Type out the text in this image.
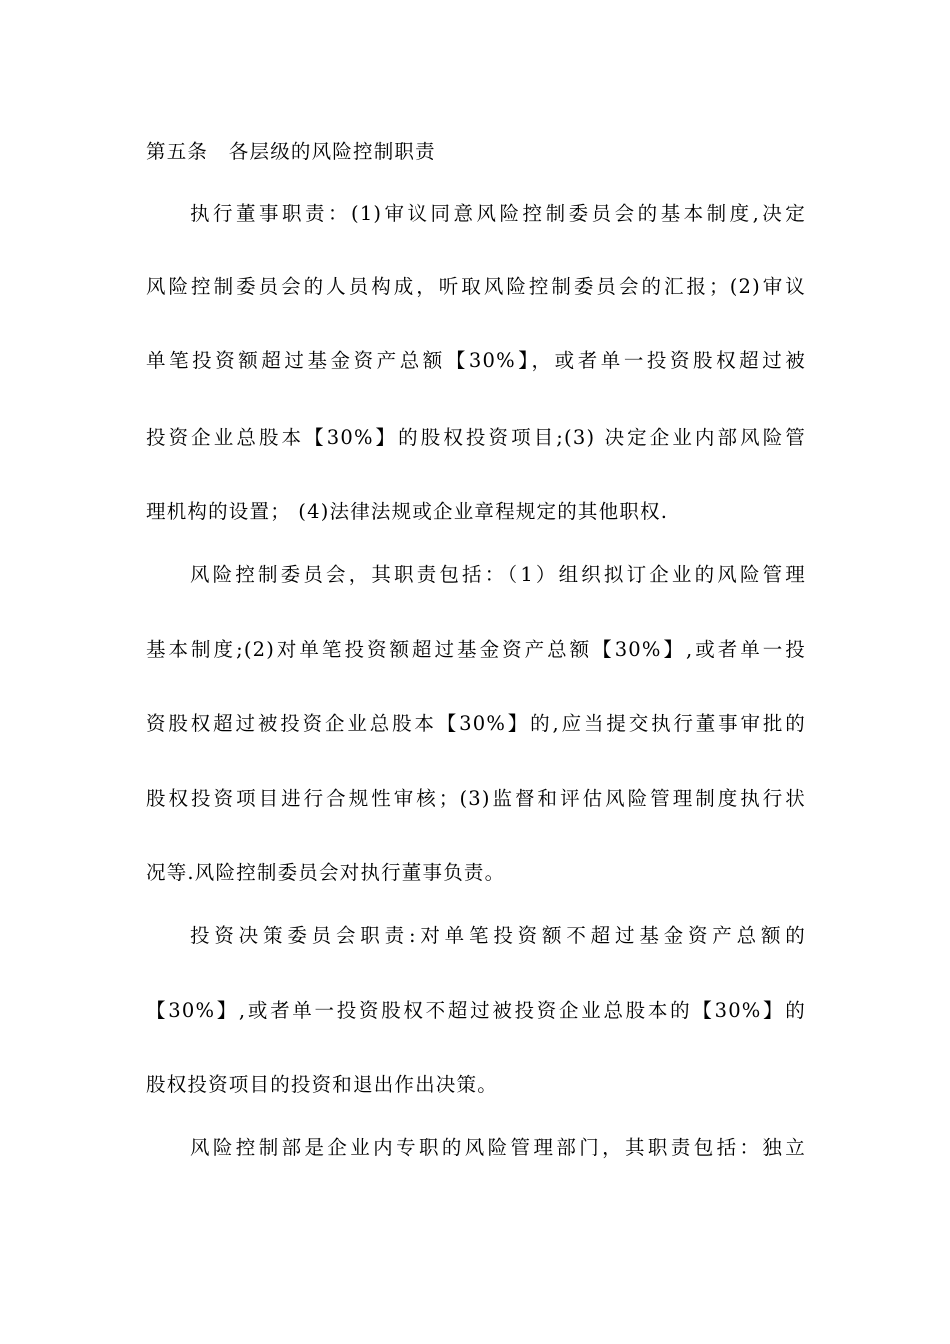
第五条　各层级的风险控制职责
执行董事职责：(1)审议同意风险控制委员会的基本制度,决定
风险控制委员会的人员构成，听取风险控制委员会的汇报；(2)审议
单笔投资额超过基金资产总额【30%】，或者单一投资股权超过被
投资企业总股本【30%】的股权投资项目;(3) 决定企业内部风险管
理机构的设置； (4)法律法规或企业章程规定的其他职权.
风险控制委员会，其职责包括：（1）组织拟订企业的风险管理
基本制度;(2)对单笔投资额超过基金资产总额【30%】,或者单一投
资股权超过被投资企业总股本【30%】的,应当提交执行董事审批的
股权投资项目进行合规性审核；(3)监督和评估风险管理制度执行状
况等.风险控制委员会对执行董事负责。
投资决策委员会职责:对单笔投资额不超过基金资产总额的
【30%】,或者单一投资股权不超过被投资企业总股本的【30%】的
股权投资项目的投资和退出作出决策。
风险控制部是企业内专职的风险管理部门，其职责包括：独立
